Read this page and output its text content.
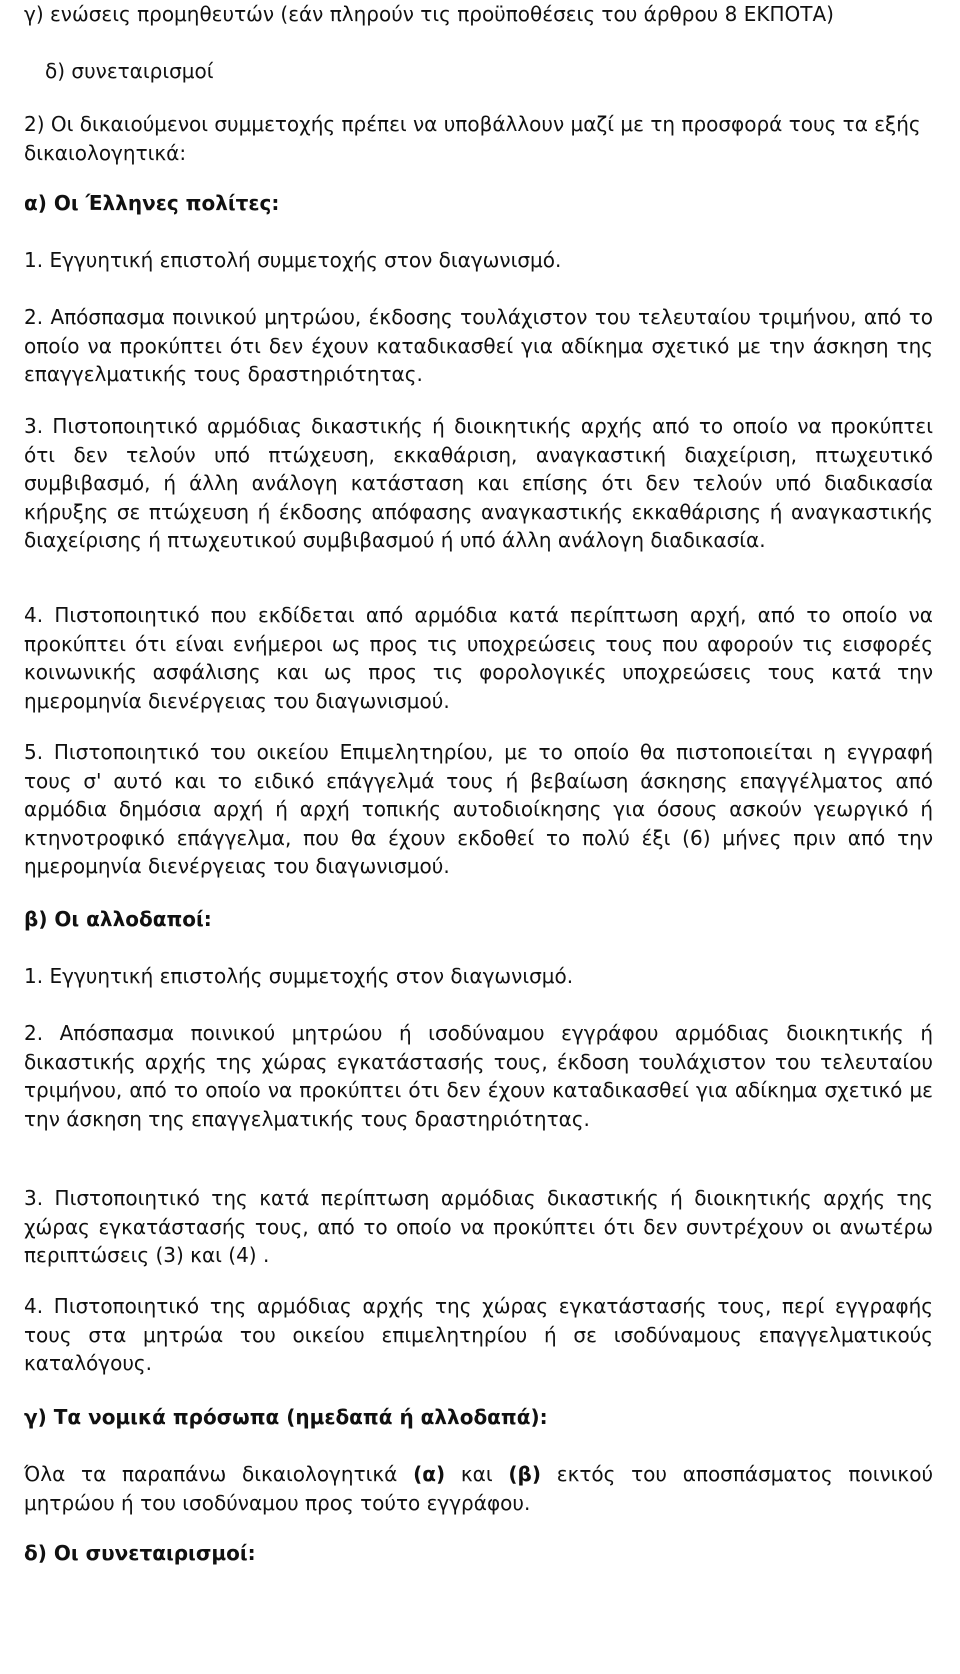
γ) ενώσεις προμηθευτών (εάν πληρούν τις προϋποθέσεις του άρθρου 8 ΕΚΠΟΤΑ)

δ) συνεταιρισμοί

2) Οι δικαιούμενοι συμμετοχής πρέπει να υποβάλλουν μαζί με τη προσφορά τους τα εξής δικαιολογητικά:

α) Οι Έλληνες πολίτες:

1. Εγγυητική επιστολή συμμετοχής στον διαγωνισμό.

2. Απόσπασμα ποινικού μητρώου, έκδοσης τουλάχιστον του τελευταίου τριμήνου, από το οποίο να προκύπτει ότι δεν έχουν καταδικασθεί για αδίκημα σχετικό με την άσκηση της επαγγελματικής τους δραστηριότητας.

3. Πιστοποιητικό αρμόδιας δικαστικής ή διοικητικής αρχής από το οποίο να προκύπτει ότι δεν τελούν υπό πτώχευση, εκκαθάριση, αναγκαστική διαχείριση, πτωχευτικό συμβιβασμό, ή άλλη ανάλογη κατάσταση και επίσης ότι δεν τελούν υπό διαδικασία κήρυξης σε πτώχευση ή έκδοσης απόφασης αναγκαστικής εκκαθάρισης ή αναγκαστικής διαχείρισης ή πτωχευτικού συμβιβασμού ή υπό άλλη ανάλογη διαδικασία.

4. Πιστοποιητικό που εκδίδεται από αρμόδια κατά περίπτωση αρχή, από το οποίο να προκύπτει ότι είναι ενήμεροι ως προς τις υποχρεώσεις τους που αφορούν τις εισφορές κοινωνικής ασφάλισης και ως προς τις φορολογικές υποχρεώσεις τους κατά την ημερομηνία διενέργειας του διαγωνισμού.

5. Πιστοποιητικό του οικείου Επιμελητηρίου, με το οποίο θα πιστοποιείται η εγγραφή τους σ' αυτό και το ειδικό επάγγελμά τους ή βεβαίωση άσκησης επαγγέλματος από αρμόδια δημόσια αρχή ή αρχή τοπικής αυτοδιοίκησης για όσους ασκούν γεωργικό ή κτηνοτροφικό επάγγελμα, που θα έχουν εκδοθεί το πολύ έξι (6) μήνες πριν από την ημερομηνία διενέργειας του διαγωνισμού.

β) Οι αλλοδαποί:

1. Εγγυητική επιστολής συμμετοχής στον διαγωνισμό.

2. Απόσπασμα ποινικού μητρώου ή ισοδύναμου εγγράφου αρμόδιας διοικητικής ή δικαστικής αρχής της χώρας εγκατάστασής τους, έκδοση τουλάχιστον του τελευταίου τριμήνου, από το οποίο να προκύπτει ότι δεν έχουν καταδικασθεί για αδίκημα σχετικό με την άσκηση της επαγγελματικής τους δραστηριότητας.

3. Πιστοποιητικό της κατά περίπτωση αρμόδιας δικαστικής ή διοικητικής αρχής της χώρας εγκατάστασής τους, από το οποίο να προκύπτει ότι δεν συντρέχουν οι ανωτέρω περιπτώσεις (3) και (4) .

4. Πιστοποιητικό της αρμόδιας αρχής της χώρας εγκατάστασής τους, περί εγγραφής τους στα μητρώα του οικείου επιμελητηρίου ή σε ισοδύναμους επαγγελματικούς καταλόγους.

γ) Τα νομικά πρόσωπα (ημεδαπά ή αλλοδαπά):

Όλα τα παραπάνω δικαιολογητικά (α) και (β) εκτός του αποσπάσματος ποινικού μητρώου ή του ισοδύναμου προς τούτο εγγράφου.

δ) Οι συνεταιρισμοί:
